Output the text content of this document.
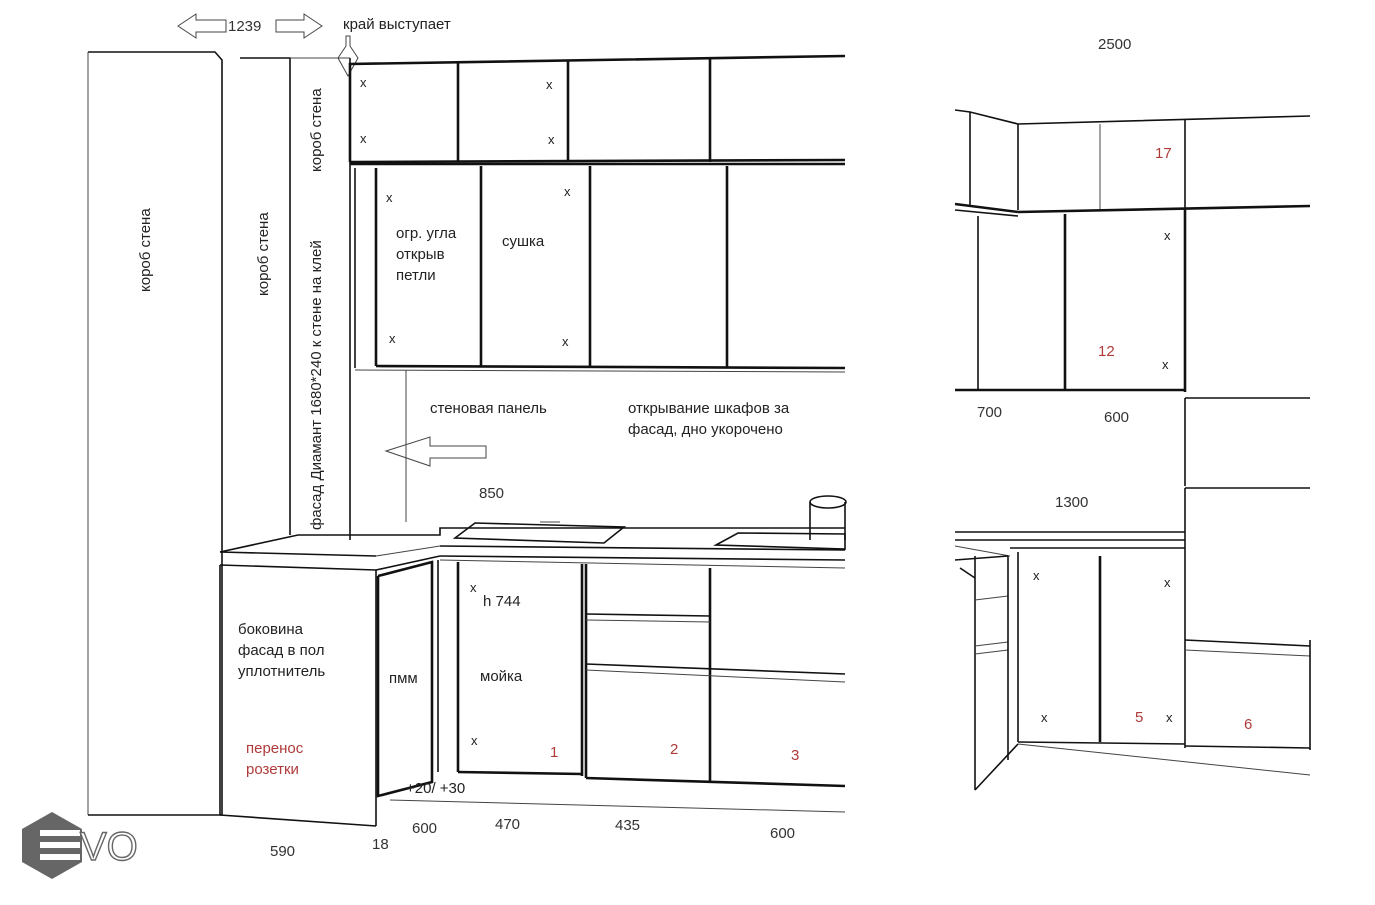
1239	край выступает
короб стена	короб стена фасад Диамант 1680*240 к стене на клей
короб стена
x
x
x
x
x	x
x	x
огр. угла
открыв
петли
сушка
стеновая панель	открывание шкафов за
фасад, дно укорочено
850
x
x
h 744
мойка
пмм
боковина
фасад в пол
уплотнитель
перенос
розетки
+20/ +30
1	2	3
590	18
600	470	435	600
2500
17
12
x
x
700	600
1300
x	x
x	x
5	6
VO
